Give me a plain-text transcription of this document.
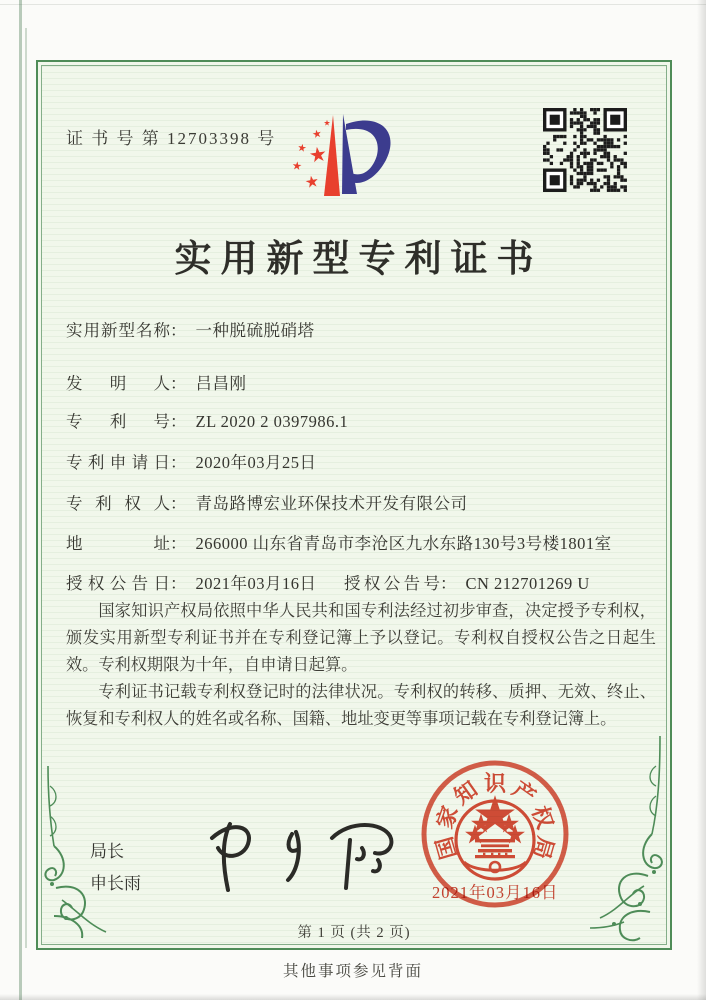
证 书 号 第 12703398 号
实用新型专利证书
实用新型名称： 一种脱硫脱硝塔
发明人： 吕昌刚
专利号： ZL 2020 2 0397986.1
专利申请日： 2020年03月25日
专利权人： 青岛路博宏业环保技术开发有限公司
地址： 266000 山东省青岛市李沧区九水东路130号3号楼1801室
授权公告日： 2021年03月16日 授权公告号： CN 212701269 U

国家知识产权局依照中华人民共和国专利法经过初步审查，决定授予专利权，颁发实用新型专利证书并在专利登记簿上予以登记。专利权自授权公告之日起生效。专利权期限为十年，自申请日起算。

专利证书记载专利权登记时的法律状况。专利权的转移、质押、无效、终止、恢复和专利权人的姓名或名称、国籍、地址变更等事项记载在专利登记簿上。

局长
申长雨
国
家
知 识 产
权
局
2021年03月16日
第 1 页 (共 2 页)
其他事项参见背面
